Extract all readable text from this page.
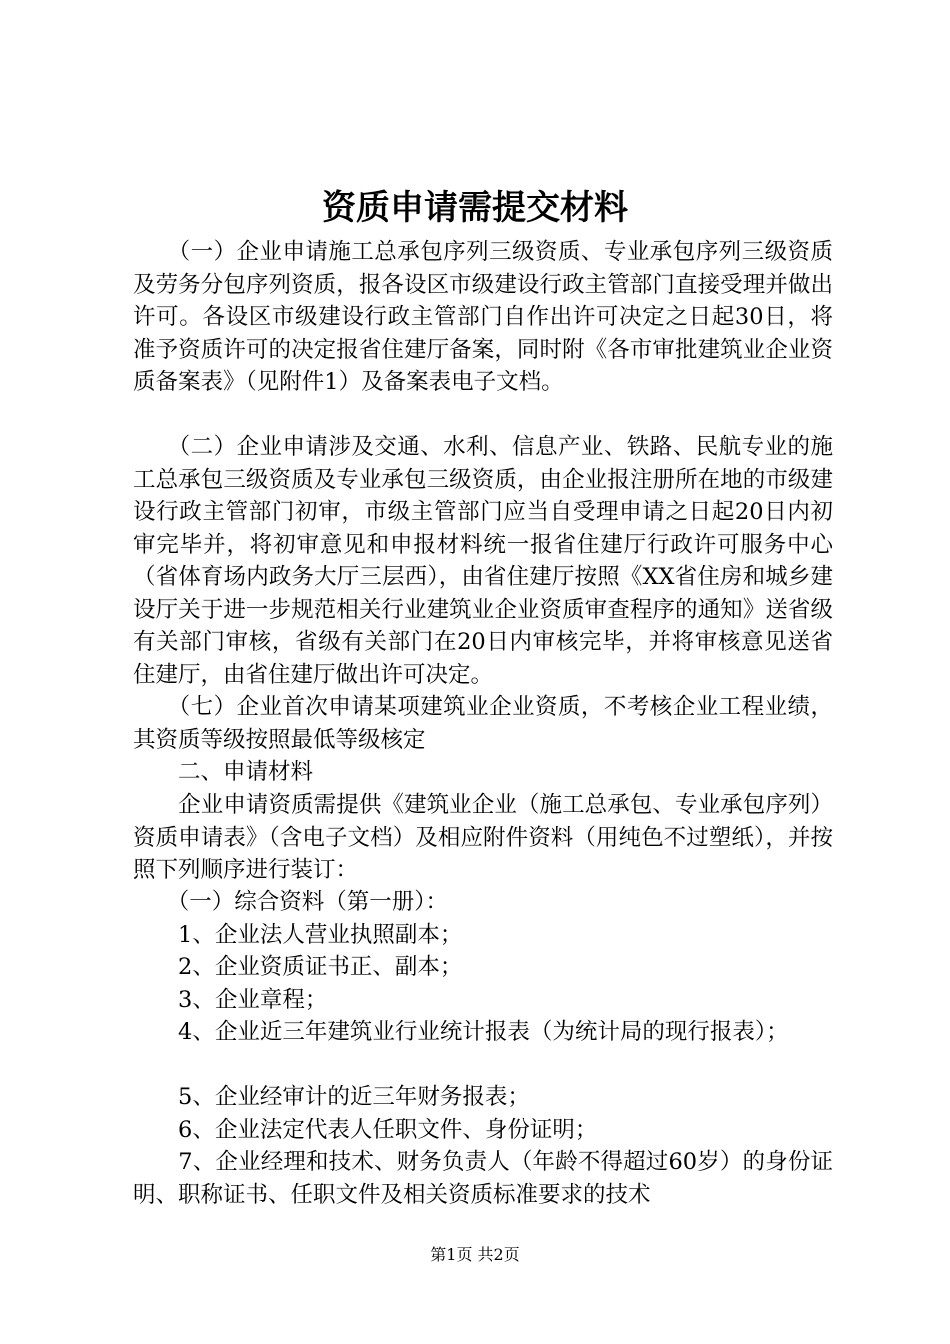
资质申请需提交材料

　　（一）企业申请施工总承包序列三级资质、专业承包序列三级资质及劳务分包序列资质，报各设区市级建设行政主管部门直接受理并做出许可。各设区市级建设行政主管部门自作出许可决定之日起30日，将准予资质许可的决定报省住建厅备案，同时附《各市审批建筑业企业资质备案表》（见附件1）及备案表电子文档。

　　（二）企业申请涉及交通、水利、信息产业、铁路、民航专业的施工总承包三级资质及专业承包三级资质，由企业报注册所在地的市级建设行政主管部门初审，市级主管部门应当自受理申请之日起20日内初审完毕并，将初审意见和申报材料统一报省住建厅行政许可服务中心（省体育场内政务大厅三层西），由省住建厅按照《XX省住房和城乡建设厅关于进一步规范相关行业建筑业企业资质审查程序的通知》送省级有关部门审核，省级有关部门在20日内审核完毕，并将审核意见送省住建厅，由省住建厅做出许可决定。

　　（七）企业首次申请某项建筑业企业资质，不考核企业工程业绩，其资质等级按照最低等级核定

　　二、申请材料

　　企业申请资质需提供《建筑业企业（施工总承包、专业承包序列）资质申请表》（含电子文档）及相应附件资料（用纯色不过塑纸），并按照下列顺序进行装订：

　　（一）综合资料（第一册）：

　　1、企业法人营业执照副本；

　　2、企业资质证书正、副本；

　　3、企业章程；

　　4、企业近三年建筑业行业统计报表（为统计局的现行报表）；

　　5、企业经审计的近三年财务报表；

　　6、企业法定代表人任职文件、身份证明；

　　7、企业经理和技术、财务负责人（年龄不得超过60岁）的身份证明、职称证书、任职文件及相关资质标准要求的技术

第1页 共2页
